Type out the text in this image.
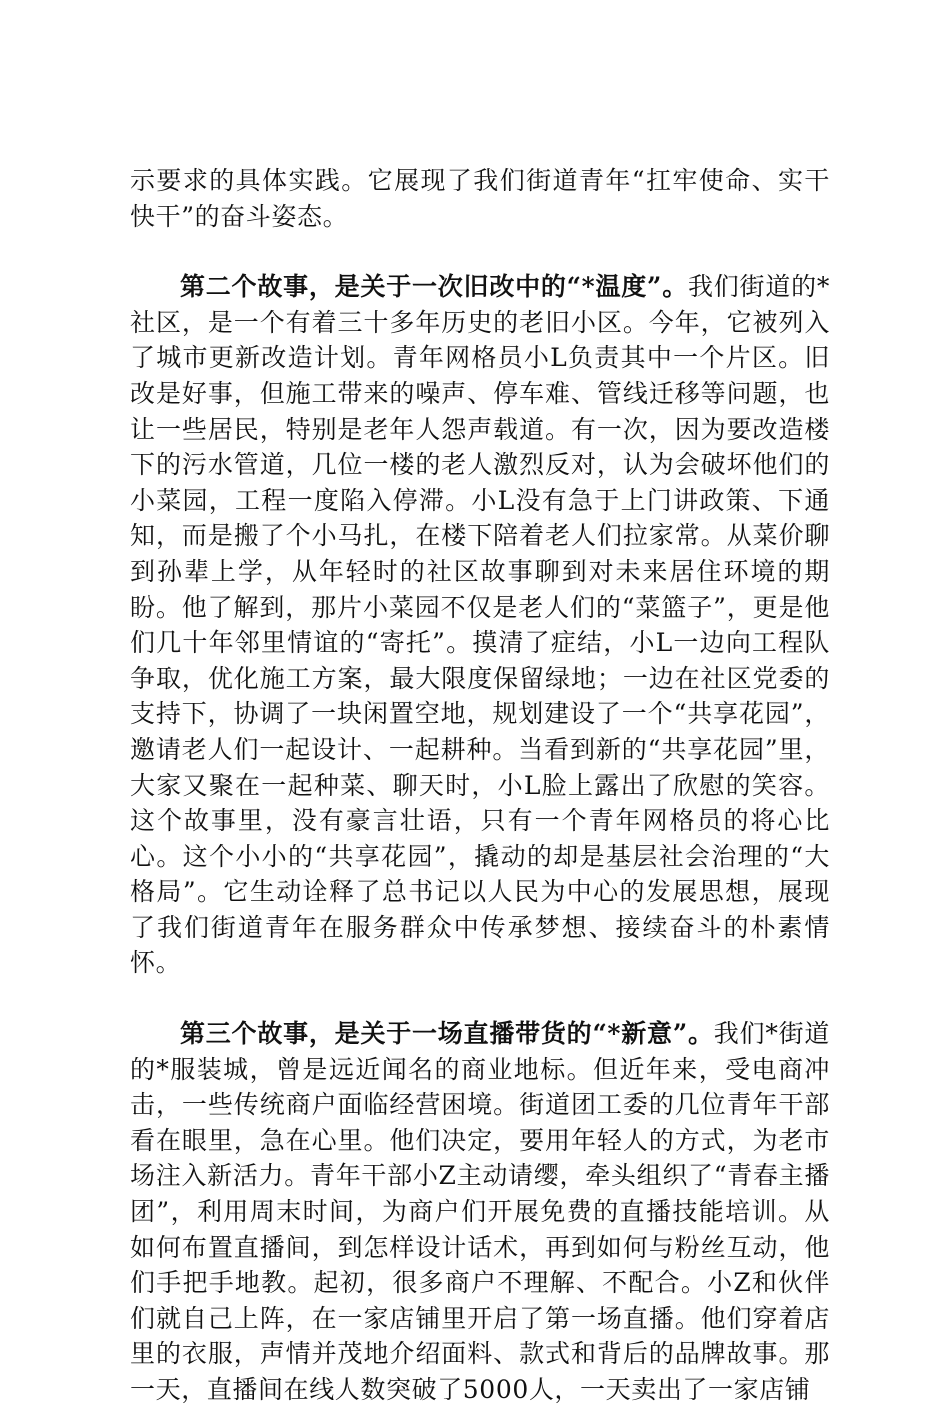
示要求的具体实践。它展现了我们街道青年“扛牢使命、实干快干”的奋斗姿态。

第二个故事，是关于一次旧改中的“*温度”。我们街道的*社区，是一个有着三十多年历史的老旧小区。今年，它被列入了城市更新改造计划。青年网格员小L负责其中一个片区。旧改是好事，但施工带来的噪声、停车难、管线迁移等问题，也让一些居民，特别是老年人怨声载道。有一次，因为要改造楼下的污水管道，几位一楼的老人激烈反对，认为会破坏他们的小菜园，工程一度陷入停滞。小L没有急于上门讲政策、下通知，而是搬了个小马扎，在楼下陪着老人们拉家常。从菜价聊到孙辈上学，从年轻时的社区故事聊到对未来居住环境的期盼。他了解到，那片小菜园不仅是老人们的“菜篮子”，更是他们几十年邻里情谊的“寄托”。摸清了症结，小L一边向工程队争取，优化施工方案，最大限度保留绿地；一边在社区党委的支持下，协调了一块闲置空地，规划建设了一个“共享花园”，邀请老人们一起设计、一起耕种。当看到新的“共享花园”里，大家又聚在一起种菜、聊天时，小L脸上露出了欣慰的笑容。这个故事里，没有豪言壮语，只有一个青年网格员的将心比心。这个小小的“共享花园”，撬动的却是基层社会治理的“大格局”。它生动诠释了总书记以人民为中心的发展思想，展现了我们街道青年在服务群众中传承梦想、接续奋斗的朴素情怀。

第三个故事，是关于一场直播带货的“*新意”。我们*街道的*服装城，曾是远近闻名的商业地标。但近年来，受电商冲击，一些传统商户面临经营困境。街道团工委的几位青年干部看在眼里，急在心里。他们决定，要用年轻人的方式，为老市场注入新活力。青年干部小Z主动请缨，牵头组织了“青春主播团”，利用周末时间，为商户们开展免费的直播技能培训。从如何布置直播间，到怎样设计话术，再到如何与粉丝互动，他们手把手地教。起初，很多商户不理解、不配合。小Z和伙伴们就自己上阵，在一家店铺里开启了第一场直播。他们穿着店里的衣服，声情并茂地介绍面料、款式和背后的品牌故事。那一天，直播间在线人数突破了5000人，一天卖出了一家店铺
